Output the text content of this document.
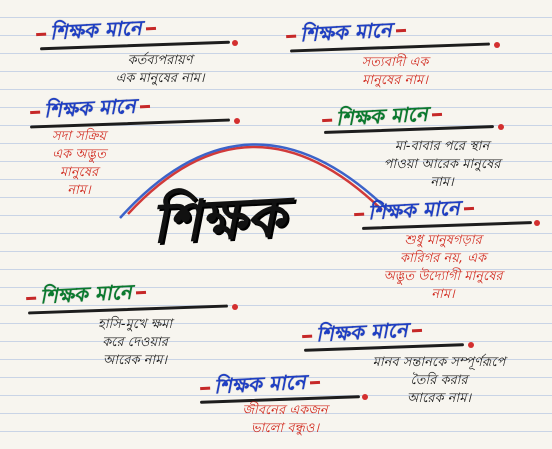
শিক্ষক
শিক্ষক মানে
কর্তব্যপরায়ণ
এক মানুষের নাম।
শিক্ষক মানে
সত্যবাদী এক
মানুষের নাম।
শিক্ষক মানে
সদা সক্রিয়
এক অদ্ভুত
মানুষের
নাম।
শিক্ষক মানে
মা-বাবার পরে স্থান
পাওয়া আরেক মানুষের
নাম।
শিক্ষক মানে
শুধু মানুষগড়ার
কারিগর নয়, এক
অদ্ভুত উদ্যোগী মানুষের
নাম।
শিক্ষক মানে
হাসি-মুখে ক্ষমা
করে দেওয়ার
আরেক নাম।
শিক্ষক মানে
মানব সন্তানকে সম্পূর্ণরূপে
তৈরি করার
আরেক নাম।
শিক্ষক মানে
জীবনের একজন
ভালো বন্ধুও।
